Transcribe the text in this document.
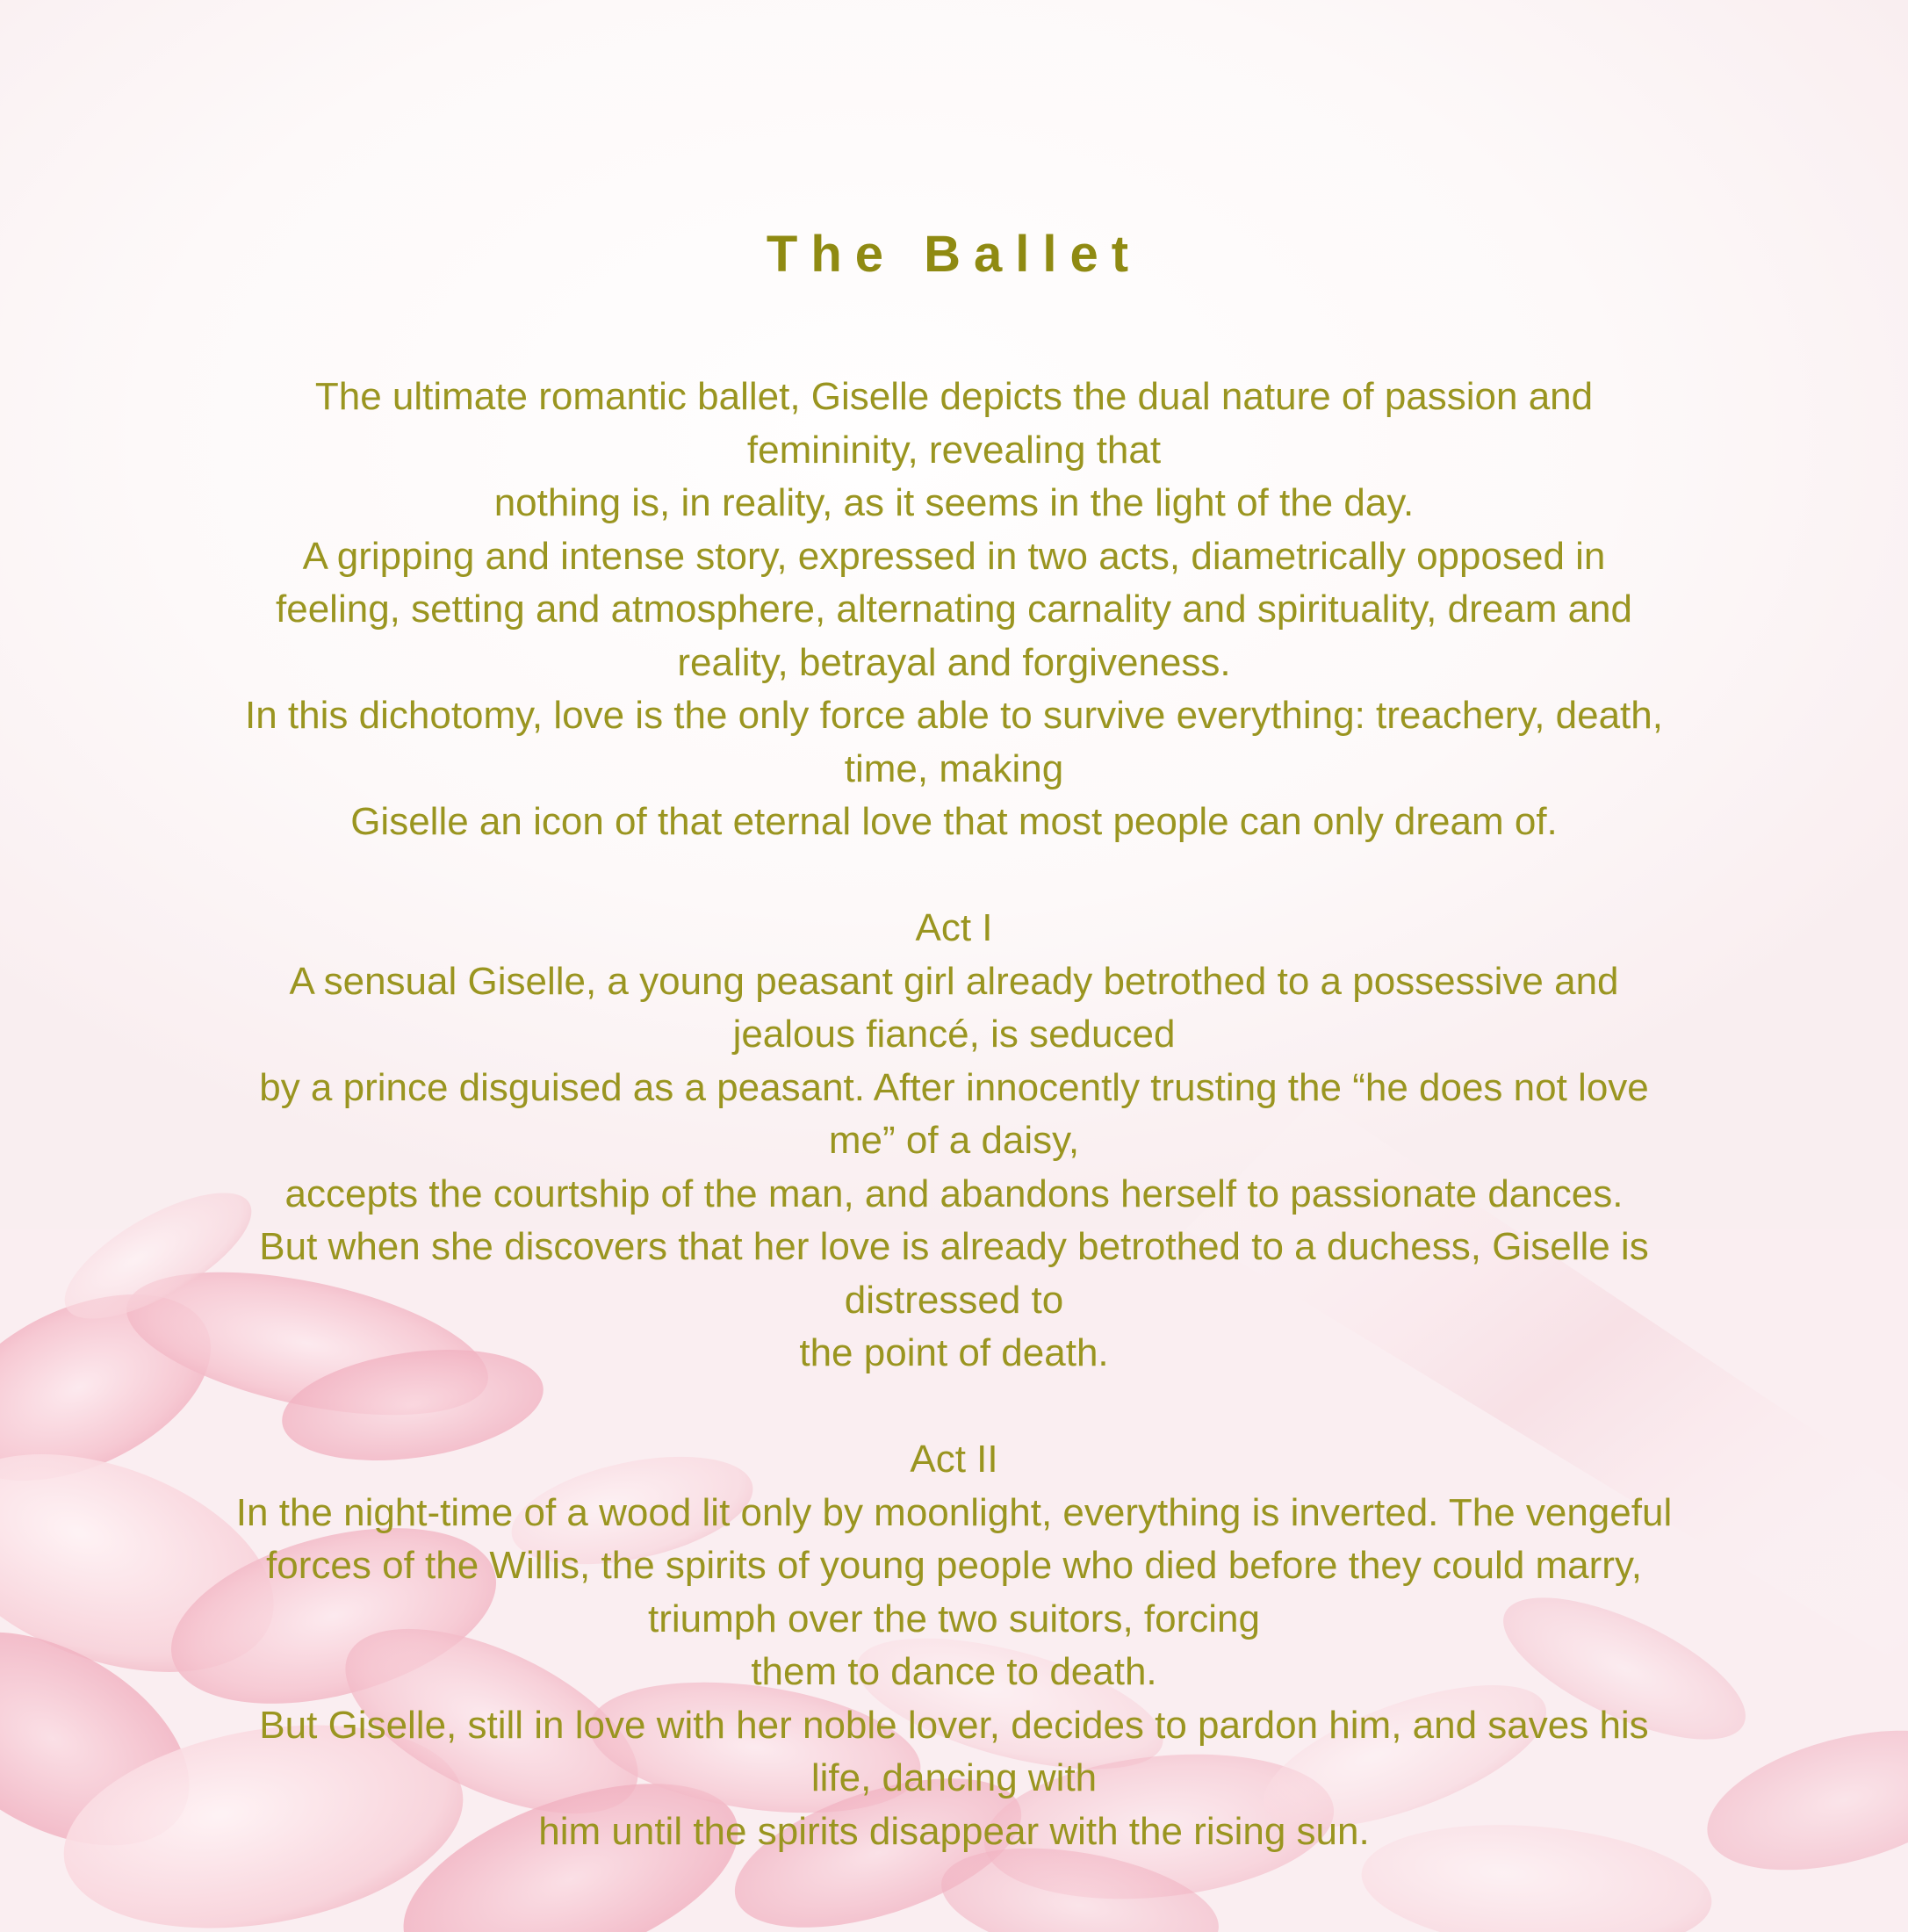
The Ballet
The ultimate romantic ballet, Giselle depicts the dual nature of passion and
femininity, revealing that
nothing is, in reality, as it seems in the light of the day.
A gripping and intense story, expressed in two acts, diametrically opposed in
feeling, setting and atmosphere, alternating carnality and spirituality, dream and
reality, betrayal and forgiveness.
In this dichotomy, love is the only force able to survive everything: treachery, death,
time, making
Giselle an icon of that eternal love that most people can only dream of.
Act I
A sensual Giselle, a young peasant girl already betrothed to a possessive and
jealous fiancé, is seduced
by a prince disguised as a peasant. After innocently trusting the “he does not love
me” of a daisy,
accepts the courtship of the man, and abandons herself to passionate dances.
But when she discovers that her love is already betrothed to a duchess, Giselle is
distressed to
the point of death.
Act II
In the night-time of a wood lit only by moonlight, everything is inverted. The vengeful
forces of the Willis, the spirits of young people who died before they could marry,
triumph over the two suitors, forcing
them to dance to death.
But Giselle, still in love with her noble lover, decides to pardon him, and saves his
life, dancing with
him until the spirits disappear with the rising sun.
